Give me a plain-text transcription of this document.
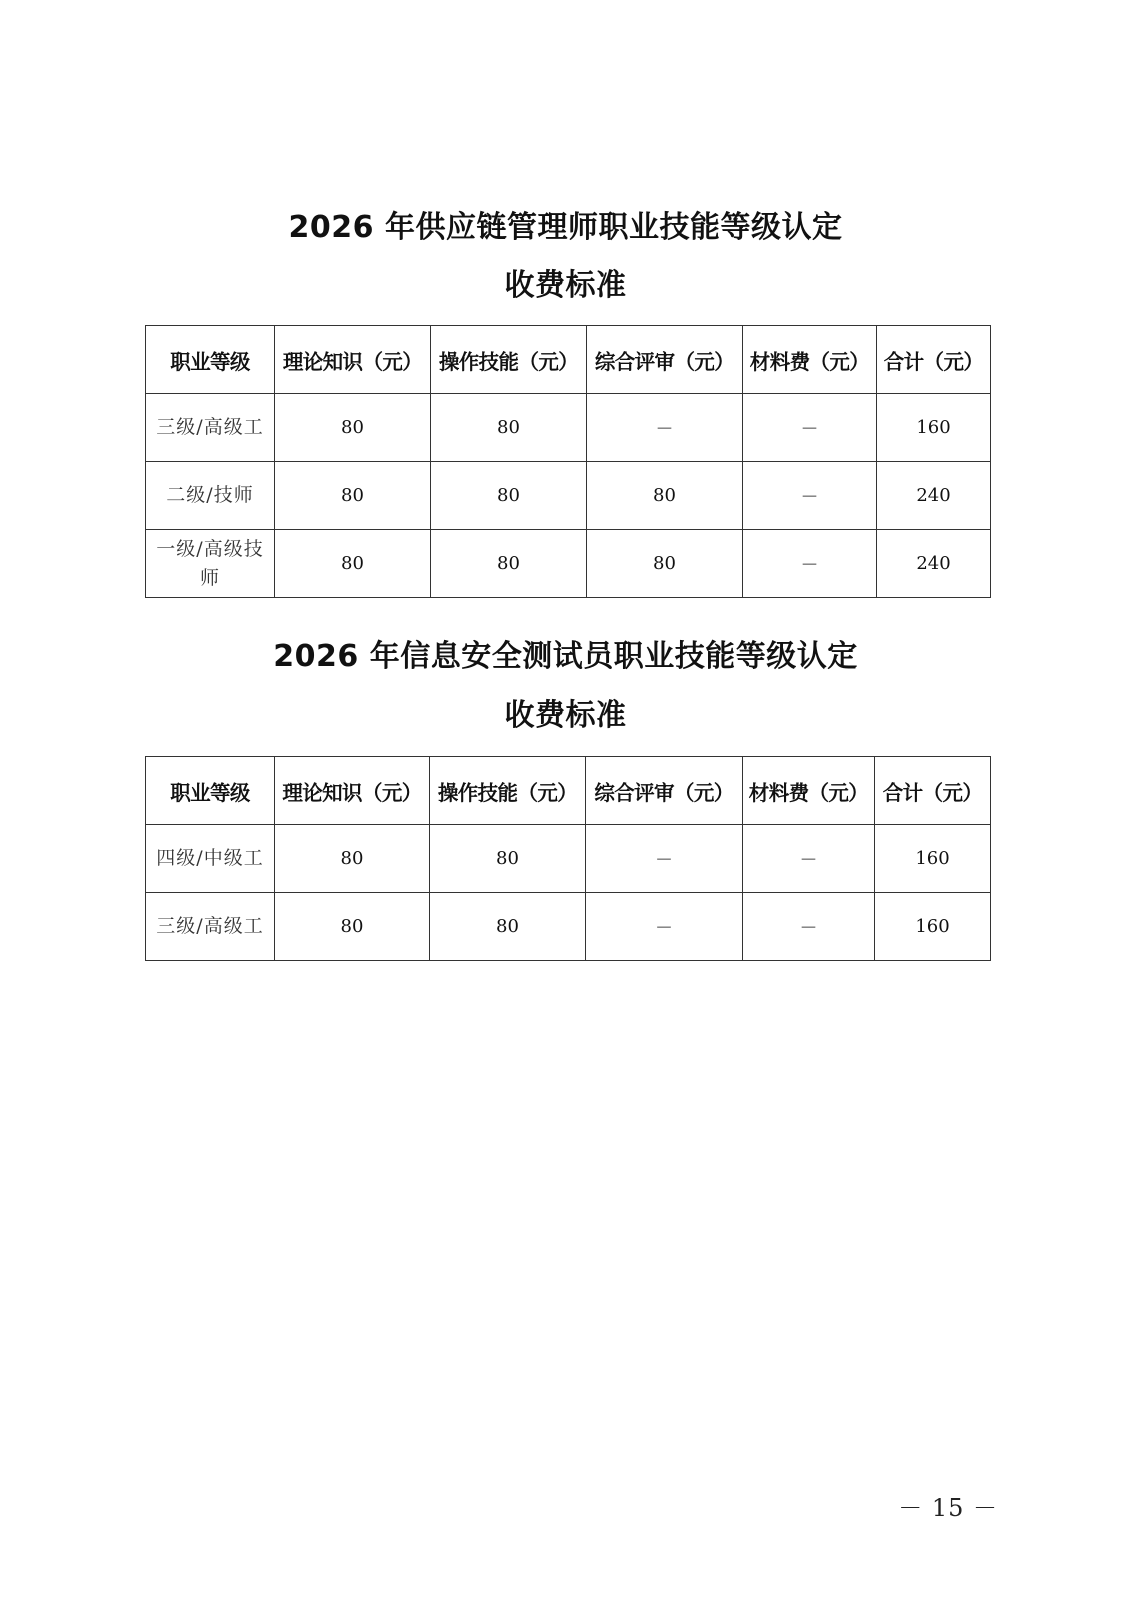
2026 年供应链管理师职业技能等级认定
收费标准
职业等级	理论知识（元）	操作技能（元）	综合评审（元）	材料费（元）	合计（元）
三级/高级工	80	80	－	－	160
二级/技师	80	80	80	－	240
一级/高级技师	80	80	80	－	240
2026 年信息安全测试员职业技能等级认定
收费标准
职业等级	理论知识（元）	操作技能（元）	综合评审（元）	材料费（元）	合计（元）
四级/中级工	80	80	－	－	160
三级/高级工	80	80	－	－	160
－ 15 －
